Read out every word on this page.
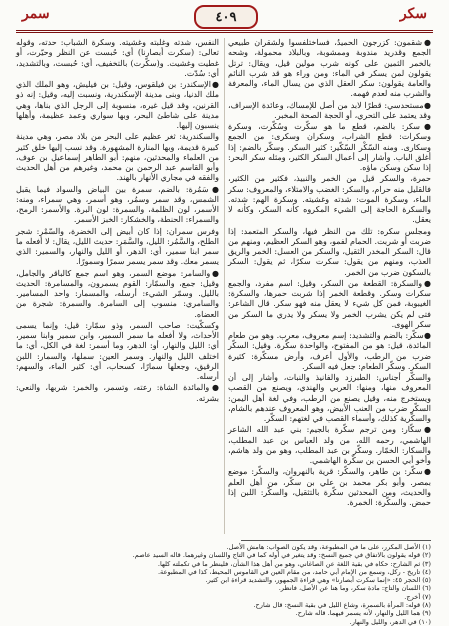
سكر
٤٠٩
سمر

●شقمون: كزرجون الحميدُ، فساختلفسوا ولشقران طبيعي الجمع وقدريد مندوبة وممشوبة، وبالبلاد محمولة، وشحه بالخمر الثمين على كونه شرب مولين قيل، ويقال: ترتل يقولون لمن يسكر في الماء: ومن وراء هو قد شرب النائم والعامة يقولون: سكر العقل الذي من يسال الماء، والمعرفة والشرب منه لعدم فهمه.

●مستحدسي: قطرًا لابد من أصل للإمساك، وعائدة الإسراف، وقد يعتمد على التحري، أو الحجة الصحة المخبر.

●سكر: بالضم، قطع ما هو سكّرت وسُكّرت، وسكرة وسكرات: قطع الشراب، وسكران وسكرى: من الجمع وسكارى. ومنه السّكْر السّكّير: كثير السكر. وسكّر بالضم: إذا أغلق الباب. وأشار إلى أعمال السكر الكثير، ومثله سكر البحر: إذا سكن وسكن ماؤه.

حمرة، والسكر قيل من الخمر والنبيذ، فكثير من الكثير، فالقليل منه حرام، والسكر: الغضب والامتلاء، والمعروف: سكر الماء، وسكرة الموت: شدته وغشيته. وسكرة الهم: شدته. والسكرة الحاجة إلى الشيء المكروه كأنه السكر، وكأنه لا يعقل.

ومجلس سكره: تلك من النظر فيها، والسكر المتعمد: إذا ضربت أو شربت. الحمام لفمو، وهو السكر العظيم، ومنهم من قال: السكر المخدر الثقيل، والسكر من العسل: الخمر والريق العذب، ومنهم من يقول: سكرت سكرًا، ثم يقول: السكر بالسكون ضرب من الخمر.

●والسكرة: القطعة من السكر، وقيل: اسم مفرد، والجمع سكرات وسكر. وقطعة الخمر إذا شربت حمرها، والسكرة: الغيبوبة، فمن كل شيء لا يعقل منه فهو سكر. قال الشاعر: فتى لم يكن يشرب الخمر ولا يسكر ولا يدري ما السكر من سكر الهوى.

●سكّر: بالضم والتشديد: إسم معروف، معرب. وهو من طعام المائدة، قيل: هو من المفتوح، والواحدة سكّرة. وقيل: السكّر ضرب من الرطب، والأول أعرف، وأرض مسكّرة: كثيرة السكر. وسكّر الطعام: جعل فيه السكر.

والسكّر أجناس: الطبرزد والفانيذ والنبات، وأشار إلى أن المعروف منها، ومنها: العربي والهندي، ويصنع من القصب ويستخرج منه، وقيل يصنع من الرطب، وفي لغة أهل اليمن: السكّر ضرب من العنب الأبيض، وهو المعروف عندهم بالشام، والسكّرية كذلك، وأسماء القصب في لغتهم: السكّر.

●سكّار: ومن ترجم سكّرة بالجيم: بني عبد الله الشاعر الهاشمي، رحمه الله، من ولد العباس بن عبد المطلب، والسكار: الخمّار. وسكّر بن عبد المطلب، وهو من ولد هاشم، وأخو أبي الحسن بن سكّرة الهاشمي.

●سكّر: بن طاهر، والسكّر: قرية بالنهروان، والسكّر: موضع بمصر. وأبو بكر محمد بن علي بن سكّر، من أهل العلم والحديث، ومن المحدثين سكّرة بالتثقيل، والسكّر: اللبن إذا حمض. والسكّرة: الخمرة.

النفس، شدته وغلبته وغشيته. وسكرة الشباب: حدته، وقوله تعالى: (سكرت أبصارنا) أي: حُبست عن النظر وحيّرت، أو غطيت وغشيت. و(سكّرت) بالتخفيف، أي: حُبست، وبالتشديد، أي: سُدّت.

●الإسكندر: بن فيلقوس، وقيل: بن فيليش، وهو الملك الذي ملك الدنيا، وبنى مدينة الإسكندرية، ونسبت إليه، وقيل: إنه ذو القرنين، وقد قيل غيره، منسوبة إلى الرجل الذي بناها، وهي مدينة على شاطئ البحر، وبها سواري وعمد عظيمة، وأهلها ينسبون إليها.

والسكندرية: ثغر عظيم على البحر من بلاد مصر، وهي مدينة كبيرة قديمة، وبها المنارة المشهورة. وقد نسب إليها خلق كثير من العلماء والمحدثين، منهم: أبو الطاهر إسماعيل بن عوف، وأبو القاسم عبد الرحمن بن محمد، وغيرهم من أهل الحديث والفقه في مجاري الأنهار بالهند.

●سَمُرة: بالضم، سمرة بين البياض والسواد فيما يقبل الشمس، وقد سمر وسمُر، وهو أسمر، وهي سمراء، ومنه: الأسمر، لون الظلمة، والسمرة: لون البرة. والأسمر: الرمح، والسمراء: الحنطة، والخشكار: الخبز الأسمر.

وفرس سمران: إذا كان أبيض إلى الخضرة، والسّمْر: شجر الطلح، والسَّمُر: الليل، والسَّمَر: حديث الليل، يقال: لا أفعله ما سمر ابنا سمير، أي: الدهر، أو الليل والنهار، والسمير: الذي يسمر معك. وقد سمر يسمر سمرًا وسمورًا.

●والسامر: موضع السمر، وهو اسم جمع كالباقر والجامل، وقيل: جمع، والسمّار: القوم يسمرون، والمسامرة: الحديث بالليل. وسمّر الشيء: أرسله، والمسمار: واحد المسامير. والسامري: منسوب إلى السامرة. والسمرة: شجرة من العضاه.

وكسكّيت: صاحب السمر، وذو سمّار: قيل: وإنما يسمى الأحداث، ولا أفعله ما سمر السمير، وابن سمير وابنا سمير، أي: الليل والنهار، أو: الدهر، وما أسمر: لغة في الكل، أي: ما اختلف الليل والنهار. وسمر العين: سملها، والسمار: اللبن الرقيق، وجعلها سمارًا، كسحاب، أي: كثير الماء، والسهم: أرسله.

●والمائدة الشاة: رعته، وتسمر، والخمر: شربها، والنعي: بشرته.

(١) الأصل المكرر، على ما في المطبوعة، وقد يكون الصواب: هامش الأصل.
(٢) قوله يقولون بالاتفاق في جميع النسخ: وقد يتغير في أوله كما في التاج واللسان وغيرهما. قاله السيد عاصم.
(٣) ثم الشارح: حكاه في بقية اللغة عن الصاغاني، وهو من أهل هذا الشأن، فلينظر ما في تكملته كلها.
(٤) تاريخ - ركل، وسمع من الإمام أبي حامد، من مقام العين في القاموس المحيط، كذا في المطبوعة.
(٥) الحجر ٤٥: «إنما سكرت أبصارنا» وهي قراءة الجمهور، والتشديد قراءة ابن كثير.
(٦) اللسان والتاج: مادة سكر، وما هنا عن الأصل، فانظر.
(٧) أخرج.
(٨) قوله: المرأة بالسمرة، وشاع الليل في بقية النسخ: قال شارح.
(٩) هما الليل والنهار، لأنه يسمر فيهما. قاله شارح.
(١٠) في الدهر، والليل والنهار.
